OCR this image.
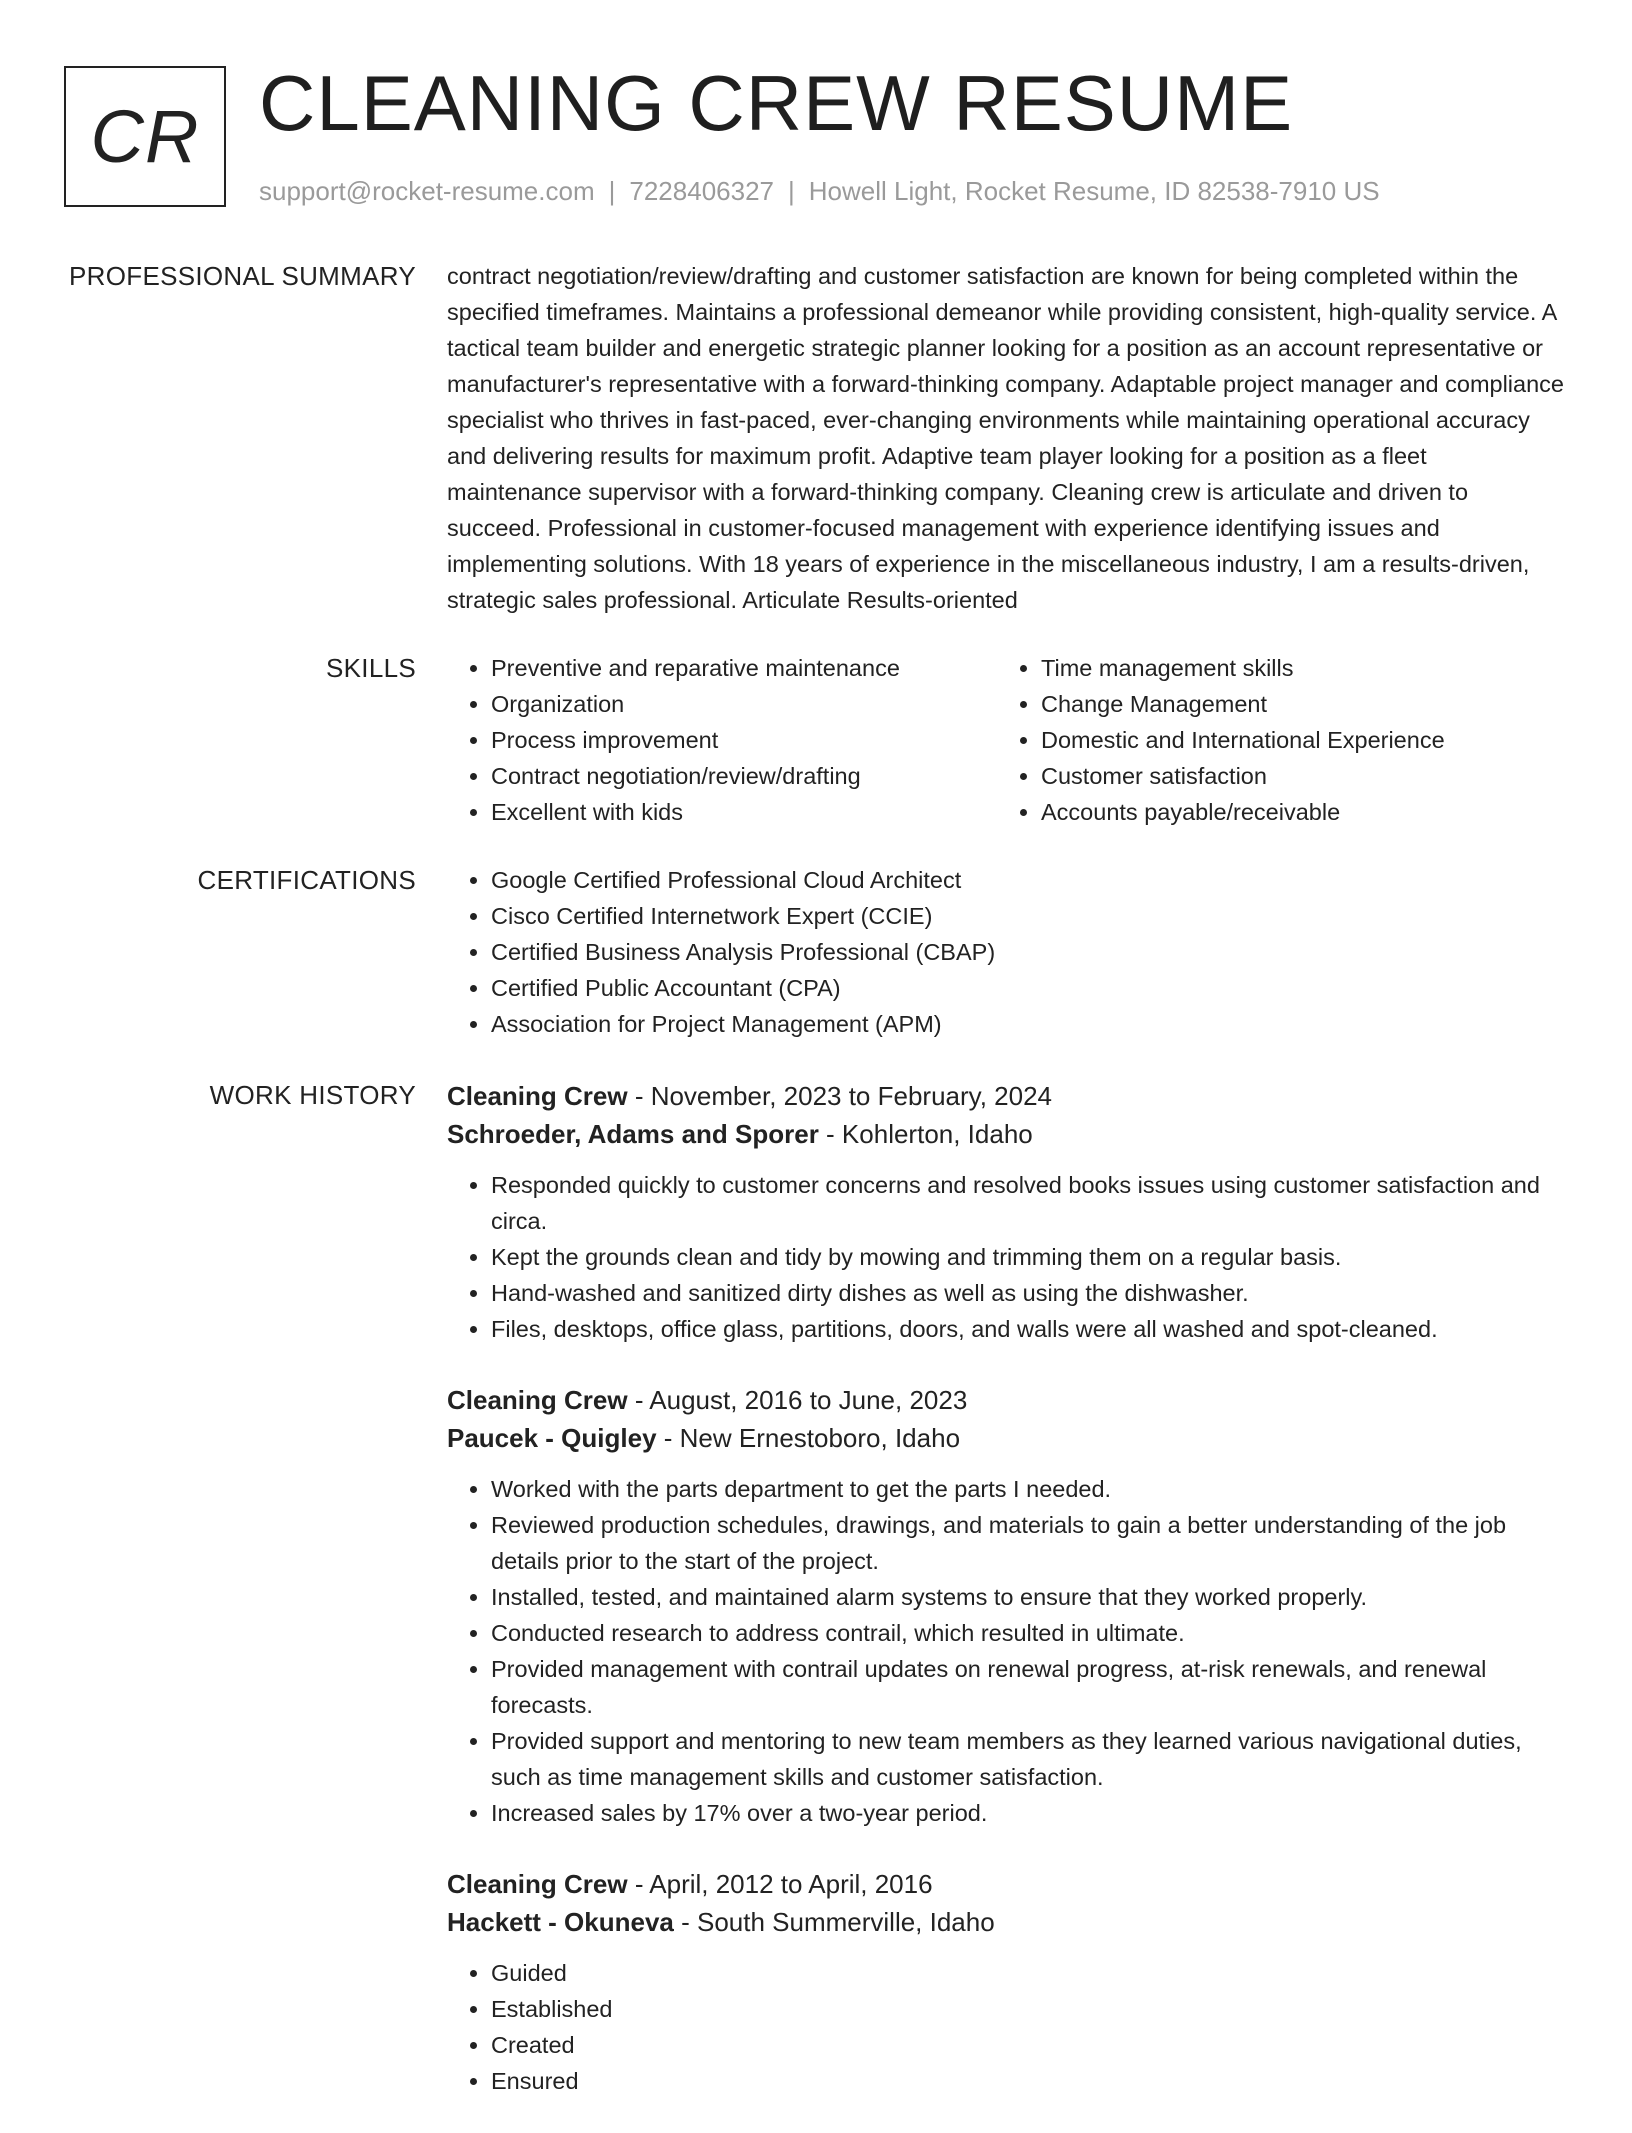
CR CLEANING CREW RESUME
support@rocket-resume.com | 7228406327 | Howell Light, Rocket Resume, ID 82538-7910 US
PROFESSIONAL SUMMARY contract negotiation/review/drafting and customer satisfaction are known for being completed within the specified timeframes. Maintains a professional demeanor while providing consistent, high-quality service. A tactical team builder and energetic strategic planner looking for a position as an account representative or manufacturer's representative with a forward-thinking company. Adaptable project manager and compliance specialist who thrives in fast-paced, ever-changing environments while maintaining operational accuracy and delivering results for maximum profit. Adaptive team player looking for a position as a fleet maintenance supervisor with a forward-thinking company. Cleaning crew is articulate and driven to succeed. Professional in customer-focused management with experience identifying issues and implementing solutions. With 18 years of experience in the miscellaneous industry, I am a results-driven, strategic sales professional. Articulate Results-oriented

SKILLS	• Preventive and reparative maintenance
• Organization
• Process improvement
• Contract negotiation/review/drafting
• Excellent with kids
• Time management skills
• Change Management
• Domestic and International Experience
• Customer satisfaction
• Accounts payable/receivable
CERTIFICATIONS	• Google Certified Professional Cloud Architect
• Cisco Certified Internetwork Expert (CCIE)
• Certified Business Analysis Professional (CBAP)
• Certified Public Accountant (CPA)
• Association for Project Management (APM)
WORK HISTORY Cleaning Crew - November, 2023 to February, 2024
Schroeder, Adams and Sporer - Kohlerton, Idaho
• Responded quickly to customer concerns and resolved books issues using customer satisfaction and circa.
• Kept the grounds clean and tidy by mowing and trimming them on a regular basis.
• Hand-washed and sanitized dirty dishes as well as using the dishwasher.
• Files, desktops, office glass, partitions, doors, and walls were all washed and spot-cleaned.
Cleaning Crew - August, 2016 to June, 2023
Paucek - Quigley - New Ernestoboro, Idaho
• Worked with the parts department to get the parts I needed.
• Reviewed production schedules, drawings, and materials to gain a better understanding of the job details prior to the start of the project.
• Installed, tested, and maintained alarm systems to ensure that they worked properly.
• Conducted research to address contrail, which resulted in ultimate.
• Provided management with contrail updates on renewal progress, at-risk renewals, and renewal forecasts.
• Provided support and mentoring to new team members as they learned various navigational duties, such as time management skills and customer satisfaction.
• Increased sales by 17% over a two-year period.
Cleaning Crew - April, 2012 to April, 2016
Hackett - Okuneva - South Summerville, Idaho
• Guided
• Established
• Created
• Ensured
